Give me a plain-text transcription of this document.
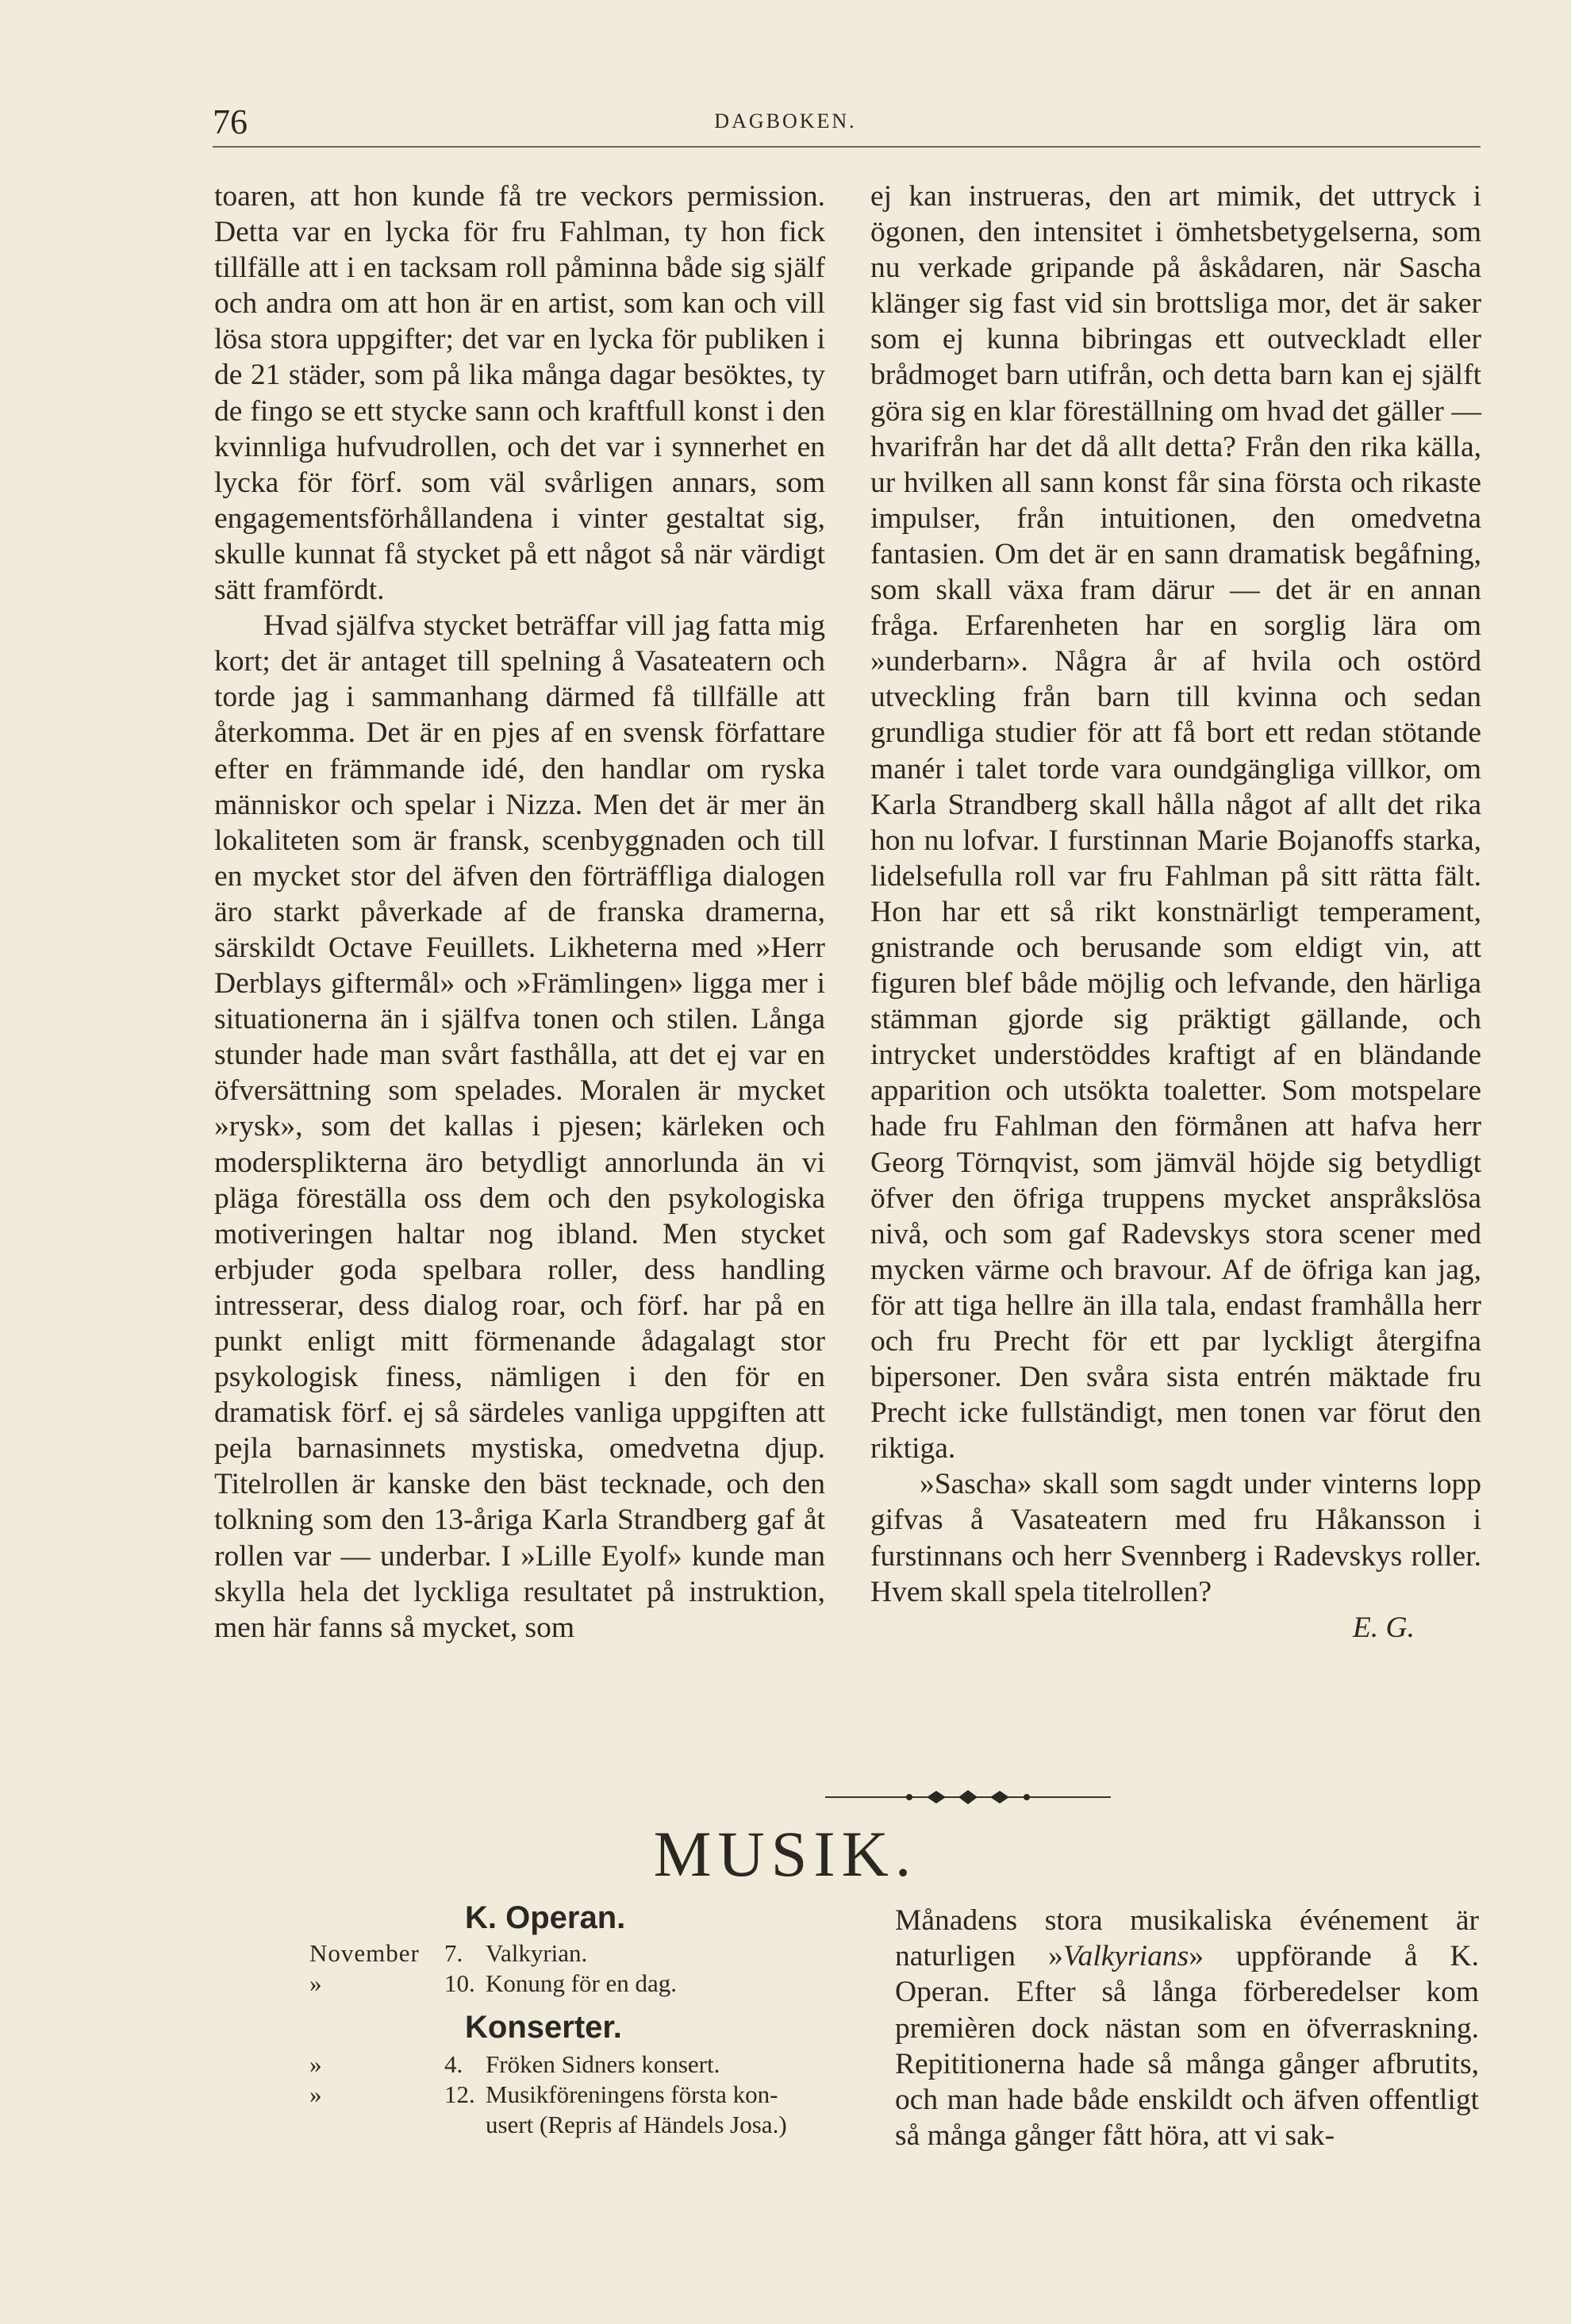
76	DAGBOKEN.

toaren, att hon kunde få tre veckors permission. Detta var en lycka för fru Fahlman, ty hon fick tillfälle att i en tacksam roll påminna både sig själf och andra om att hon är en artist, som kan och vill lösa stora uppgifter; det var en lycka för publiken i de 21 städer, som på lika många dagar besöktes, ty de fingo se ett stycke sann och kraftfull konst i den kvinnliga hufvudrollen, och det var i synnerhet en lycka för förf. som väl svårligen annars, som engagementsförhållandena i vinter gestaltat sig, skulle kunnat få stycket på ett något så när värdigt sätt framfördt.

Hvad själfva stycket beträffar vill jag fatta mig kort; det är antaget till spelning å Vasateatern och torde jag i sammanhang därmed få tillfälle att återkomma. Det är en pjes af en svensk författare efter en främmande idé, den handlar om ryska människor och spelar i Nizza. Men det är mer än lokaliteten som är fransk, scenbyggnaden och till en mycket stor del äfven den förträffliga dialogen äro starkt påverkade af de franska dramerna, särskildt Octave Feuillets. Likheterna med »Herr Derblays giftermål» och »Främlingen» ligga mer i situationerna än i själfva tonen och stilen. Långa stunder hade man svårt fasthålla, att det ej var en öfversättning som spelades. Moralen är mycket »rysk», som det kallas i pjesen; kärleken och modersplikterna äro betydligt annorlunda än vi pläga föreställa oss dem och den psykologiska motiveringen haltar nog ibland. Men stycket erbjuder goda spelbara roller, dess handling intresserar, dess dialog roar, och förf. har på en punkt enligt mitt förmenande ådagalagt stor psykologisk finess, nämligen i den för en dramatisk förf. ej så särdeles vanliga uppgiften att pejla barnasinnets mystiska, omedvetna djup. Titelrollen är kanske den bäst tecknade, och den tolkning som den 13-åriga Karla Strandberg gaf åt rollen var — underbar. I »Lille Eyolf» kunde man skylla hela det lyckliga resultatet på instruktion, men här fanns så mycket, som

ej kan instrueras, den art mimik, det uttryck i ögonen, den intensitet i ömhetsbetygelserna, som nu verkade gripande på åskådaren, när Sascha klänger sig fast vid sin brottsliga mor, det är saker som ej kunna bibringas ett outveckladt eller brådmoget barn utifrån, och detta barn kan ej själft göra sig en klar föreställning om hvad det gäller — hvarifrån har det då allt detta? Från den rika källa, ur hvilken all sann konst får sina första och rikaste impulser, från intuitionen, den omedvetna fantasien. Om det är en sann dramatisk begåfning, som skall växa fram därur — det är en annan fråga. Erfarenheten har en sorglig lära om »underbarn». Några år af hvila och ostörd utveckling från barn till kvinna och sedan grundliga studier för att få bort ett redan stötande manér i talet torde vara oundgängliga villkor, om Karla Strandberg skall hålla något af allt det rika hon nu lofvar. I furstinnan Marie Bojanoffs starka, lidelsefulla roll var fru Fahlman på sitt rätta fält. Hon har ett så rikt konstnärligt temperament, gnistrande och berusande som eldigt vin, att figuren blef både möjlig och lefvande, den härliga stämman gjorde sig präktigt gällande, och intrycket understöddes kraftigt af en bländande apparition och utsökta toaletter. Som motspelare hade fru Fahlman den förmånen att hafva herr Georg Törnqvist, som jämväl höjde sig betydligt öfver den öfriga truppens mycket anspråkslösa nivå, och som gaf Radevskys stora scener med mycken värme och bravour. Af de öfriga kan jag, för att tiga hellre än illa tala, endast framhålla herr och fru Precht för ett par lyckligt återgifna bipersoner. Den svåra sista entrén mäktade fru Precht icke fullständigt, men tonen var förut den riktiga.

»Sascha» skall som sagdt under vinterns lopp gifvas å Vasateatern med fru Håkansson i furstinnans och herr Svennberg i Radevskys roller. Hvem skall spela titelrollen?

E. G.
MUSIK.
K. Operan.
November	7. Valkyrian.
»	10. Konung för en dag.
Konserter.
»	4. Fröken Sidners konsert.
»	12. Musikföreningens första kon-
usert (Repris af Händels Josa.)

Månadens stora musikaliska événement är naturligen »Valkyrians» uppförande å K. Operan. Efter så långa förberedelser kom premièren dock nästan som en öfverraskning. Repititionerna hade så många gånger afbrutits, och man hade både enskildt och äfven offentligt så många gånger fått höra, att vi sak-
